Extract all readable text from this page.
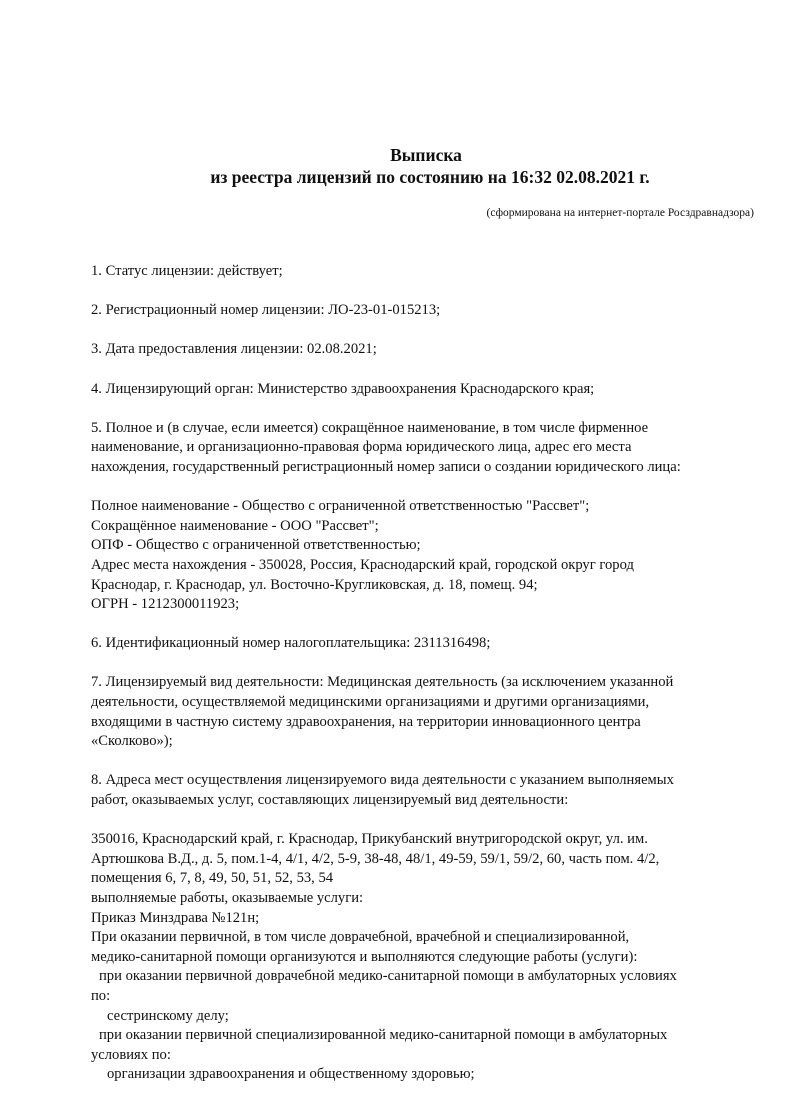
Выписка
из реестра лицензий по состоянию на 16:32 02.08.2021 г.
(сформирована на интернет-портале Росздравнадзора)
1. Статус лицензии: действует;
2. Регистрационный номер лицензии: ЛО-23-01-015213;
3. Дата предоставления лицензии: 02.08.2021;
4. Лицензирующий орган: Министерство здравоохранения Краснодарского края;
5. Полное и (в случае, если имеется) сокращённое наименование, в том числе фирменное
наименование, и организационно-правовая форма юридического лица, адрес его места
нахождения, государственный регистрационный номер записи о создании юридического лица:
Полное наименование - Общество с ограниченной ответственностью "Рассвет";
Сокращённое наименование - ООО "Рассвет";
ОПФ - Общество с ограниченной ответственностью;
Адрес места нахождения - 350028, Россия, Краснодарский край, городской округ город
Краснодар, г. Краснодар, ул. Восточно-Кругликовская, д. 18, помещ. 94;
ОГРН - 1212300011923;
6. Идентификационный номер налогоплательщика: 2311316498;
7. Лицензируемый вид деятельности: Медицинская деятельность (за исключением указанной
деятельности, осуществляемой медицинскими организациями и другими организациями,
входящими в частную систему здравоохранения, на территории инновационного центра
«Сколково»);
8. Адреса мест осуществления лицензируемого вида деятельности с указанием выполняемых
работ, оказываемых услуг, составляющих лицензируемый вид деятельности:
350016, Краснодарский край, г. Краснодар, Прикубанский внутригородской округ, ул. им.
Артюшкова В.Д., д. 5, пом.1-4, 4/1, 4/2, 5-9, 38-48, 48/1, 49-59, 59/1, 59/2, 60, часть пом. 4/2,
помещения 6, 7, 8, 49, 50, 51, 52, 53, 54
выполняемые работы, оказываемые услуги:
Приказ Минздрава №121н;
При оказании первичной, в том числе доврачебной, врачебной и специализированной,
медико-санитарной помощи организуются и выполняются следующие работы (услуги):
при оказании первичной доврачебной медико-санитарной помощи в амбулаторных условиях
по:
сестринскому делу;
при оказании первичной специализированной медико-санитарной помощи в амбулаторных
условиях по:
организации здравоохранения и общественному здоровью;
